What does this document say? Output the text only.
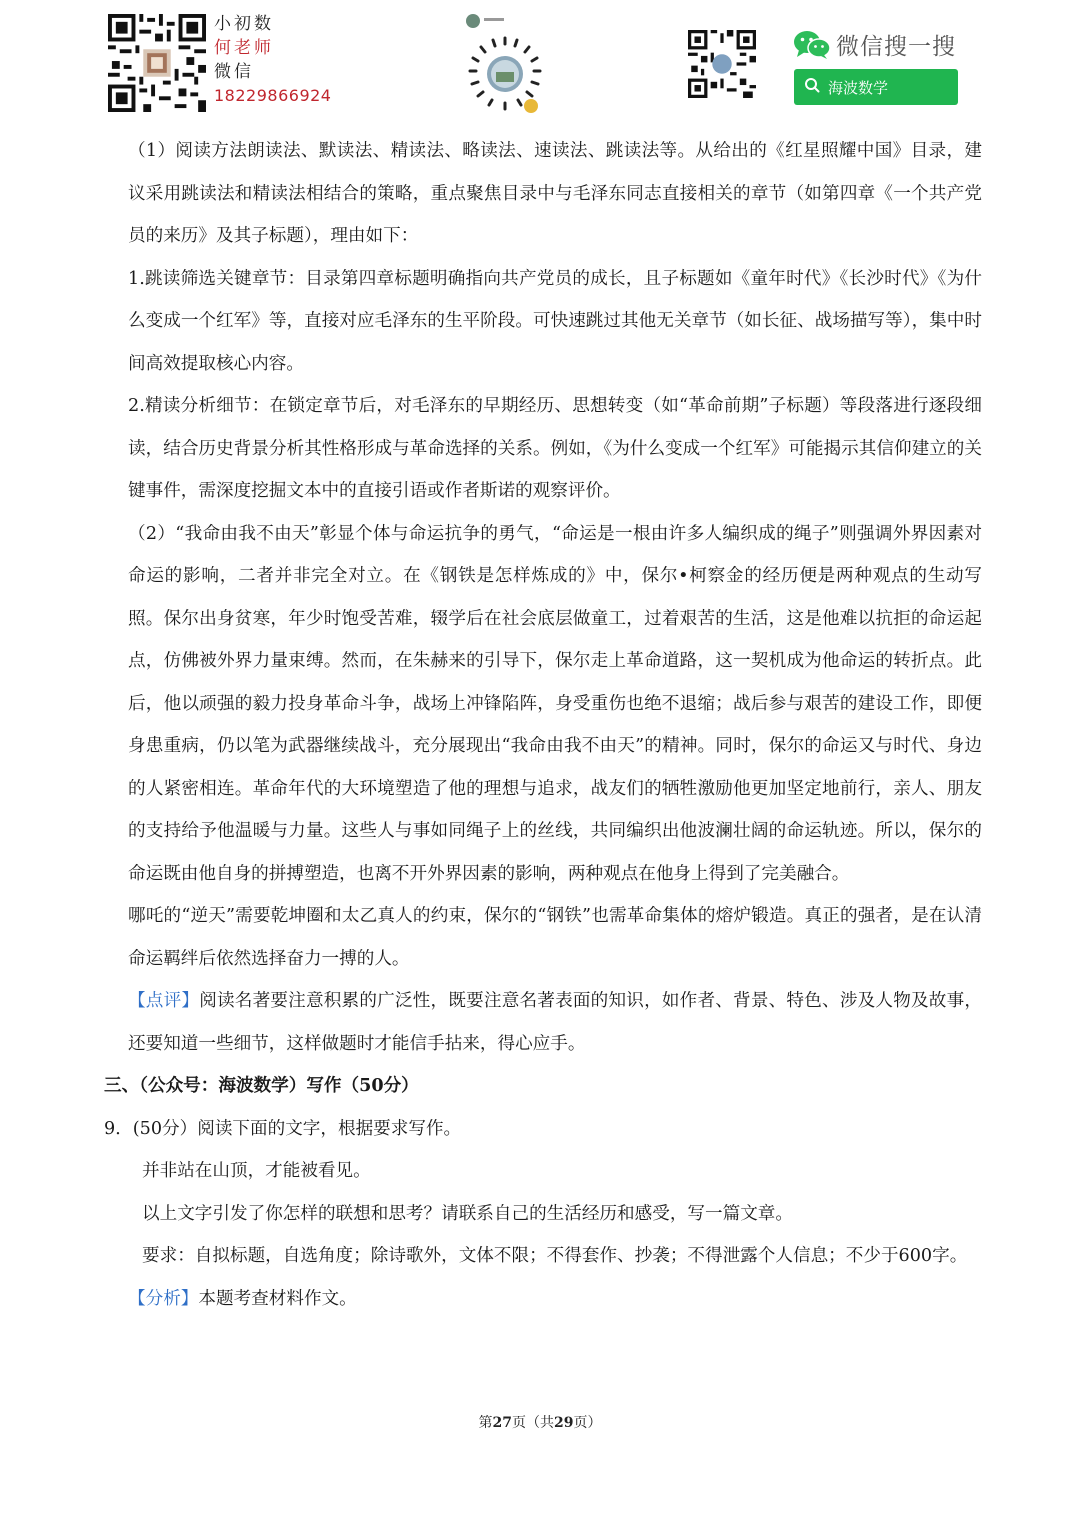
小初数
何老师
微信
18229866924
微信搜一搜
海波数学

（1）阅读方法朗读法、默读法、精读法、略读法、速读法、跳读法等。从给出的《红星照耀中国》目录，建议采用跳读法和精读法相结合的策略，重点聚焦目录中与毛泽东同志直接相关的章节（如第四章《一个共产党员的来历》及其子标题），理由如下：

1.跳读筛选关键章节：目录第四章标题明确指向共产党员的成长，且子标题如《童年时代》《长沙时代》《为什么变成一个红军》等，直接对应毛泽东的生平阶段。可快速跳过其他无关章节（如长征、战场描写等），集中时间高效提取核心内容。

2.精读分析细节：在锁定章节后，对毛泽东的早期经历、思想转变（如“革命前期”子标题）等段落进行逐段细读，结合历史背景分析其性格形成与革命选择的关系。例如，《为什么变成一个红军》可能揭示其信仰建立的关键事件，需深度挖掘文本中的直接引语或作者斯诺的观察评价。

（2）“我命由我不由天”彰显个体与命运抗争的勇气，“命运是一根由许多人编织成的绳子”则强调外界因素对命运的影响，二者并非完全对立。在《钢铁是怎样炼成的》中，保尔•柯察金的经历便是两种观点的生动写照。保尔出身贫寒，年少时饱受苦难，辍学后在社会底层做童工，过着艰苦的生活，这是他难以抗拒的命运起点，仿佛被外界力量束缚。然而，在朱赫来的引导下，保尔走上革命道路，这一契机成为他命运的转折点。此后，他以顽强的毅力投身革命斗争，战场上冲锋陷阵，身受重伤也绝不退缩；战后参与艰苦的建设工作，即便身患重病，仍以笔为武器继续战斗，充分展现出“我命由我不由天”的精神。同时，保尔的命运又与时代、身边的人紧密相连。革命年代的大环境塑造了他的理想与追求，战友们的牺牲激励他更加坚定地前行，亲人、朋友的支持给予他温暖与力量。这些人与事如同绳子上的丝线，共同编织出他波澜壮阔的命运轨迹。所以，保尔的命运既由他自身的拼搏塑造，也离不开外界因素的影响，两种观点在他身上得到了完美融合。

哪吒的“逆天”需要乾坤圈和太乙真人的约束，保尔的“钢铁”也需革命集体的熔炉锻造。真正的强者，是在认清命运羁绊后依然选择奋力一搏的人。

【点评】阅读名著要注意积累的广泛性，既要注意名著表面的知识，如作者、背景、特色、涉及人物及故事，还要知道一些细节，这样做题时才能信手拈来，得心应手。

三、（公众号：海波数学）写作（50分）

9．(50分）阅读下面的文字，根据要求写作。

并非站在山顶，才能被看见。

以上文字引发了你怎样的联想和思考？请联系自己的生活经历和感受，写一篇文章。

要求：自拟标题，自选角度；除诗歌外，文体不限；不得套作、抄袭；不得泄露个人信息；不少于600字。

【分析】本题考查材料作文。

第27页（共29页）
